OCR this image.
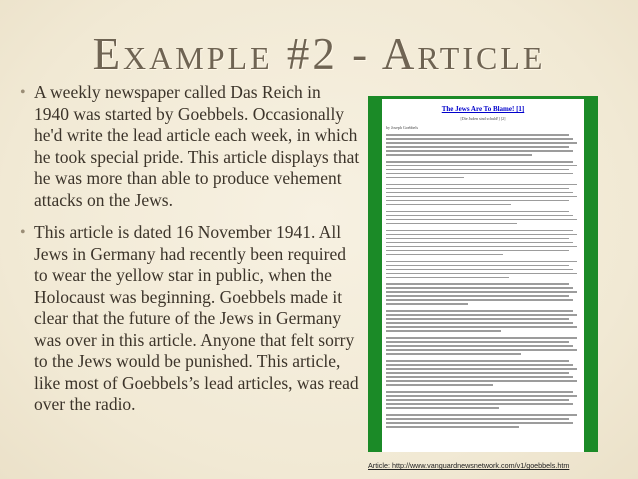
Example #2 - Article
• A weekly newspaper called Das Reich in 1940 was started by Goebbels. Occasionally he'd write the lead article each week, in which he took special pride. This article displays that he was more than able to produce vehement attacks on the Jews.
• This article is dated 16 November 1941. All Jews in Germany had recently been required to wear the yellow star in public, when the Holocaust was beginning. Goebbels made it clear that the future of the Jews in Germany was over in this article. Anyone that felt sorry to the Jews would be punished. This article, like most of Goebbels’s lead articles, was read over the radio.
The Jews Are To Blame! [1]
[Die Juden sind schuld!] [2]
by Joseph Goebbels
Article: http://www.vanguardnewsnetwork.com/v1/goebbels.htm
